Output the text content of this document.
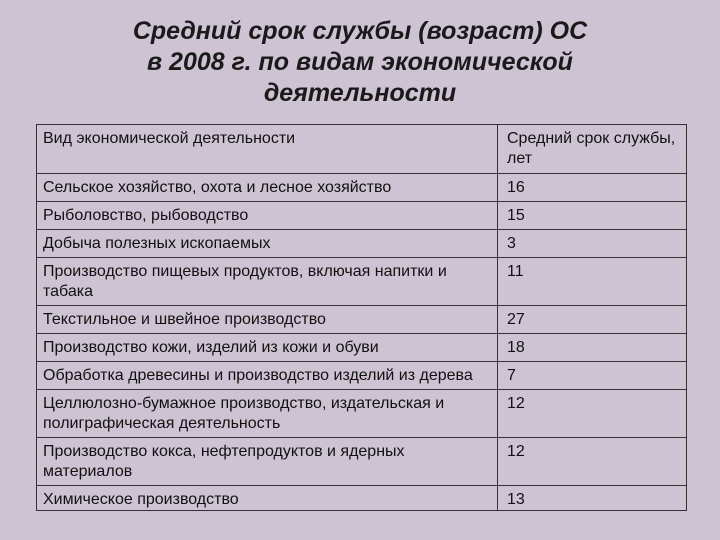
Средний срок службы (возраст) ОС
в 2008 г. по видам экономической
деятельности
Вид экономической деятельности	Средний срок службы, лет
Сельское хозяйство, охота и лесное хозяйство	16
Рыболовство, рыбоводство	15
Добыча полезных ископаемых	3
Производство пищевых продуктов, включая напитки и табака	11
Текстильное и швейное производство	27
Производство кожи, изделий из кожи и обуви	18
Обработка древесины и производство изделий из дерева	7
Целлюлозно-бумажное производство, издательская и полиграфическая деятельность	12
Производство кокса, нефтепродуктов и ядерных материалов	12
Химическое производство	13
